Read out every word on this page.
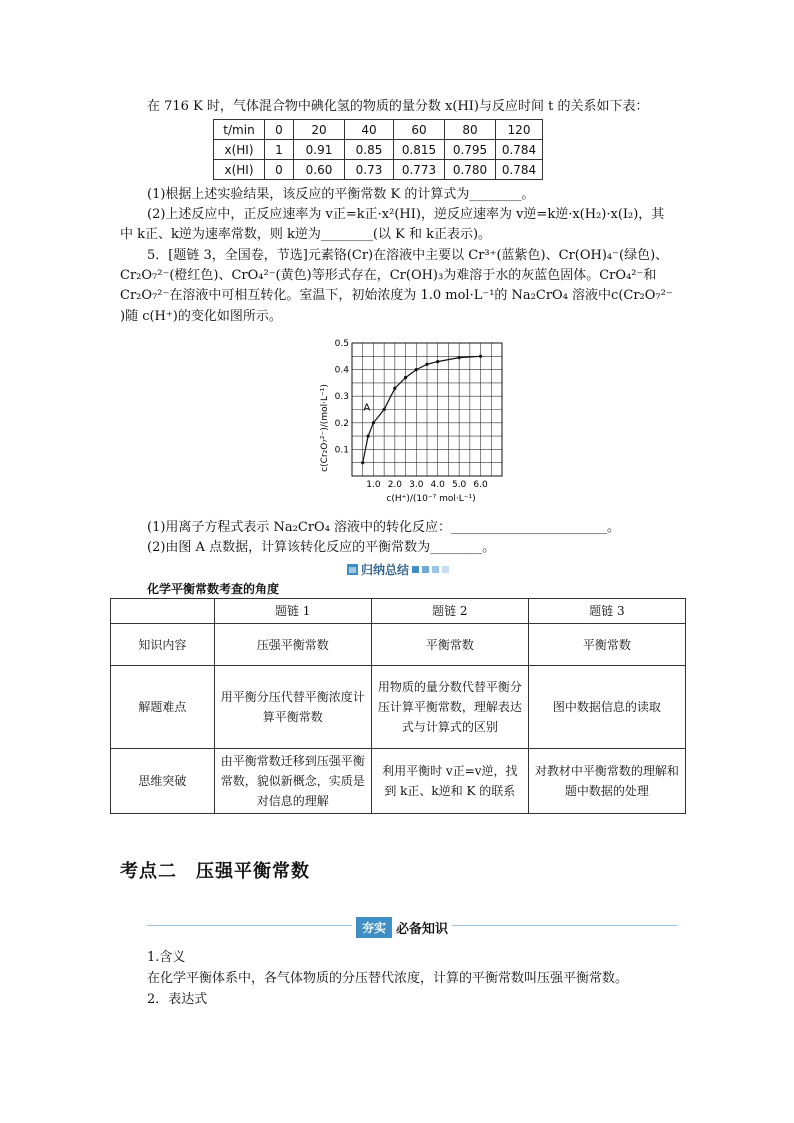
在 716 K 时，气体混合物中碘化氢的物质的量分数 x(HI)与反应时间 t 的关系如下表：
t/min	0	20	40	60	80	120
x(HI)	1	0.91	0.85	0.815	0.795	0.784
x(HI)	0	0.60	0.73	0.773	0.780	0.784
(1)根据上述实验结果，该反应的平衡常数 K 的计算式为________。
(2)上述反应中，正反应速率为 v正=k正·x²(HI)，逆反应速率为 v逆=k逆·x(H₂)·x(I₂)，其
中 k正、k逆为速率常数，则 k逆为________(以 K 和 k正表示)。
5．[题链 3，全国卷，节选]元素铬(Cr)在溶液中主要以 Cr³⁺(蓝紫色)、Cr(OH)₄⁻(绿色)、
Cr₂O₇²⁻(橙红色)、CrO₄²⁻(黄色)等形式存在，Cr(OH)₃为难溶于水的灰蓝色固体。CrO₄²⁻和
Cr₂O₇²⁻在溶液中可相互转化。室温下，初始浓度为 1.0 mol·L⁻¹的 Na₂CrO₄ 溶液中c(Cr₂O₇²⁻
)随 c(H⁺)的变化如图所示。
1.0 2.0 3.0 4.0 5.0 6.0
0.1
0.2
0.3
0.4
0.5
A
c(H⁺)/(10⁻⁷ mol·L⁻¹)
c(Cr₂O₇²⁻)/(mol·L⁻¹)
(1)用离子方程式表示 Na₂CrO₄ 溶液中的转化反应：________________________。
(2)由图 A 点数据，计算该转化反应的平衡常数为________。
▤ 归纳总结
化学平衡常数考查的角度
	题链 1	题链 2	题链 3
知识内容	压强平衡常数	平衡常数	平衡常数
解题难点	用平衡分压代替平衡浓度计算平衡常数	用物质的量分数代替平衡分压计算平衡常数，理解表达式与计算式的区别	图中数据信息的读取
思维突破	由平衡常数迁移到压强平衡常数，貌似新概念，实质是对信息的理解	利用平衡时 v正=v逆，找到 k正、k逆和 K 的联系	对教材中平衡常数的理解和题中数据的处理
考点二　压强平衡常数
夯实 必备知识
1.含义
在化学平衡体系中，各气体物质的分压替代浓度，计算的平衡常数叫压强平衡常数。
2．表达式
